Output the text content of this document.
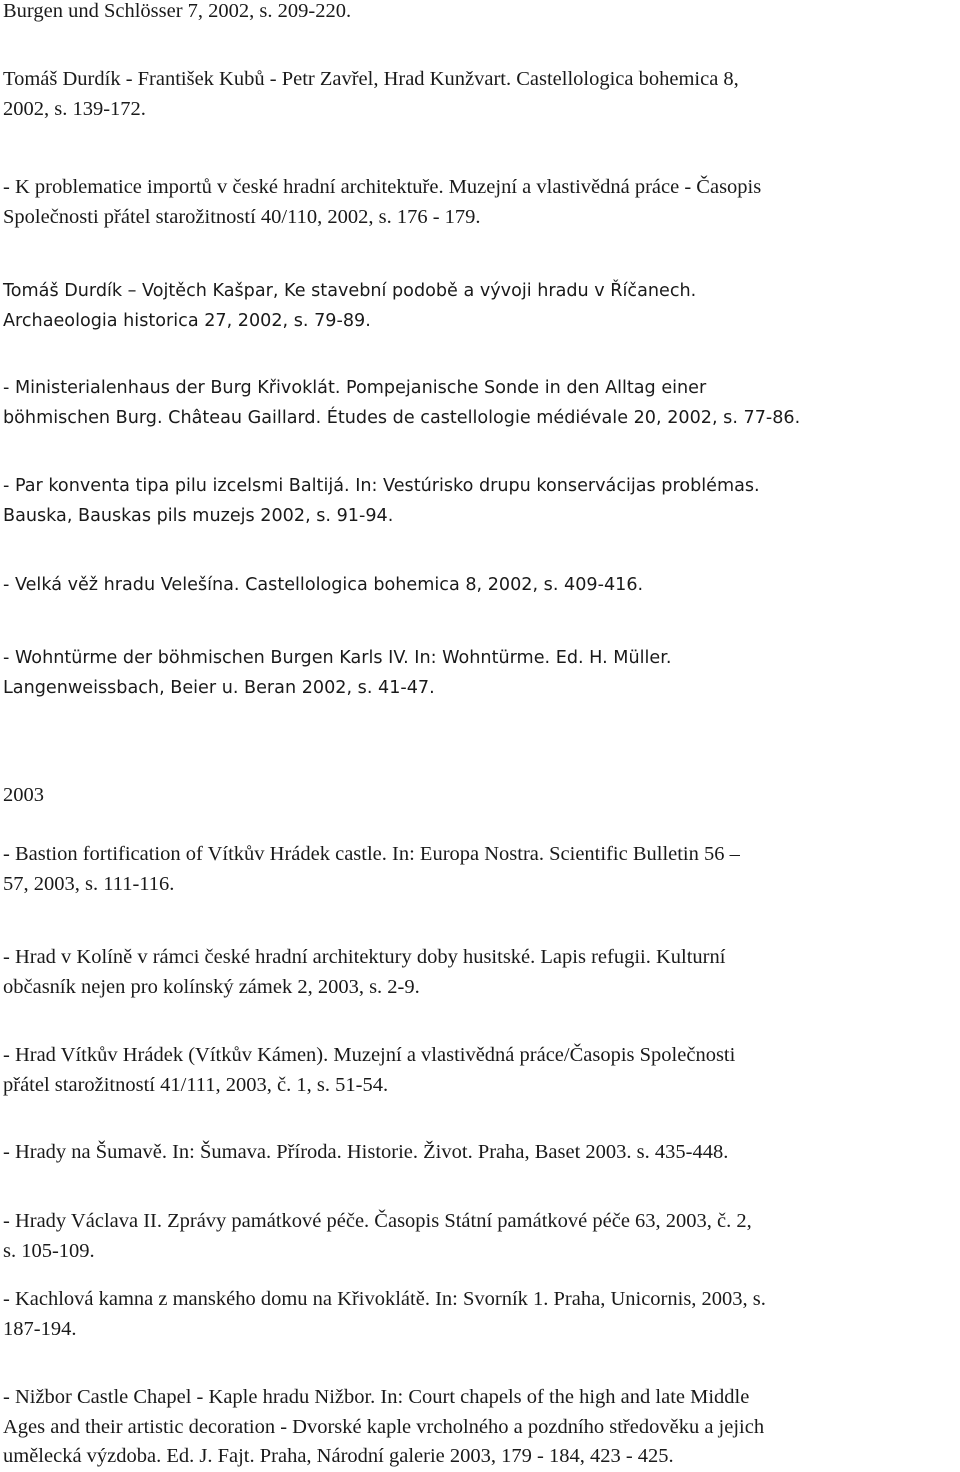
Burgen und Schlösser 7, 2002, s. 209-220.
Tomáš Durdík - František Kubů - Petr Zavřel, Hrad Kunžvart. Castellologica bohemica 8,
2002, s. 139-172.
- K problematice importů v české hradní architektuře. Muzejní a vlastivědná práce - Časopis
Společnosti přátel starožitností 40/110, 2002, s. 176 - 179.
Tomáš Durdík – Vojtěch Kašpar, Ke stavební podobě a vývoji hradu v Říčanech.
Archaeologia historica 27, 2002, s. 79-89.
- Ministerialenhaus der Burg Křivoklát. Pompejanische Sonde in den Alltag einer
böhmischen Burg. Château Gaillard. Études de castellologie médiévale 20, 2002, s. 77-86.
- Par konventa tipa pilu izcelsmi Baltijá. In: Vestúrisko drupu konservácijas problémas.
Bauska, Bauskas pils muzejs 2002, s. 91-94.
- Velká věž hradu Velešína. Castellologica bohemica 8, 2002, s. 409-416.
- Wohntürme der böhmischen Burgen Karls IV. In: Wohntürme. Ed. H. Müller.
Langenweissbach, Beier u. Beran 2002, s. 41-47.
2003
- Bastion fortification of Vítkův Hrádek castle. In: Europa Nostra. Scientific Bulletin 56 –
57, 2003, s. 111-116.
- Hrad v Kolíně v rámci české hradní architektury doby husitské. Lapis refugii. Kulturní
občasník nejen pro kolínský zámek 2, 2003, s. 2-9.
- Hrad Vítkův Hrádek (Vítkův Kámen). Muzejní a vlastivědná práce/Časopis Společnosti
přátel starožitností 41/111, 2003, č. 1, s. 51-54.
- Hrady na Šumavě. In: Šumava. Příroda. Historie. Život. Praha, Baset 2003. s. 435-448.
- Hrady Václava II. Zprávy památkové péče. Časopis Státní památkové péče 63, 2003, č. 2,
s. 105-109.
- Kachlová kamna z manského domu na Křivoklátě. In: Svorník 1. Praha, Unicornis, 2003, s.
187-194.
- Nižbor Castle Chapel - Kaple hradu Nižbor. In: Court chapels of the high and late Middle
Ages and their artistic decoration - Dvorské kaple vrcholného a pozdního středověku a jejich
umělecká výzdoba. Ed. J. Fajt. Praha, Národní galerie 2003, 179 - 184, 423 - 425.
